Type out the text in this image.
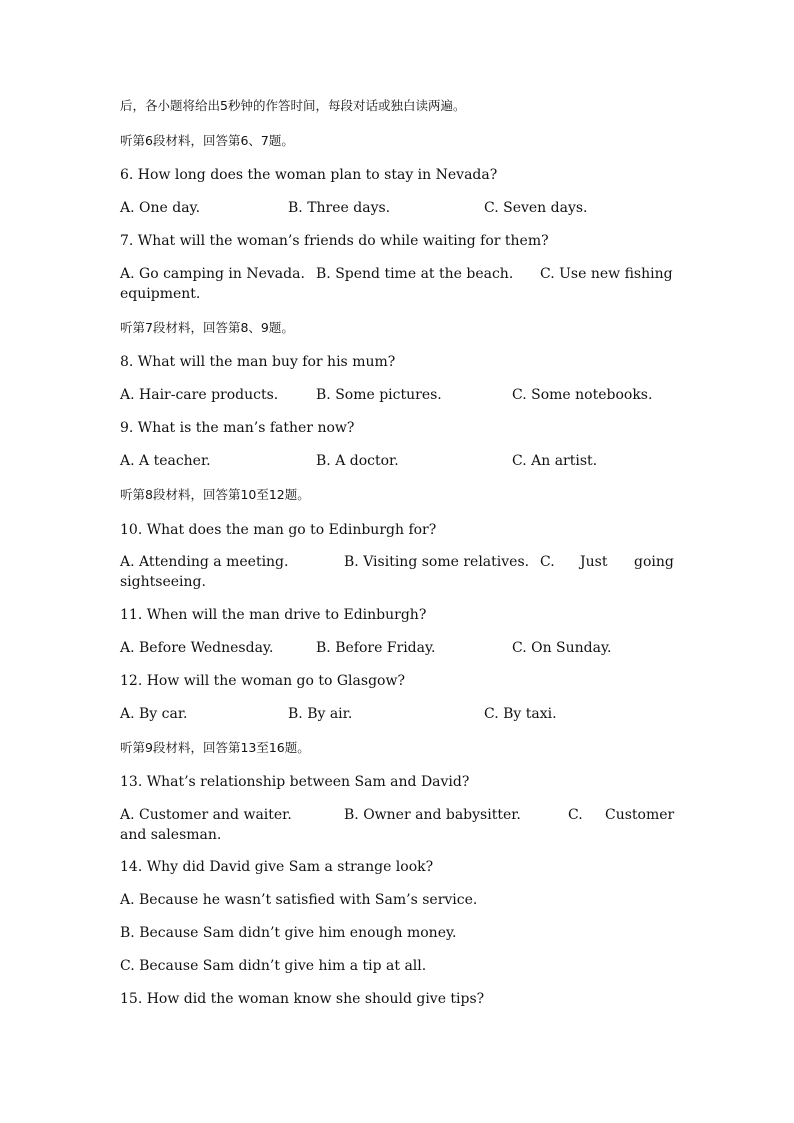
后，各小题将给出5秒钟的作答时间，每段对话或独白读两遍。
听第6段材料，回答第6、7题。
6. How long does the woman plan to stay in Nevada?
A. One day.	B. Three days.	C. Seven days.
7. What will the woman’s friends do while waiting for them?
A. Go camping in Nevada. B. Spend time at the beach. C. Use new fishing
equipment.
听第7段材料，回答第8、9题。
8. What will the man buy for his mum?
A. Hair-care products.	B. Some pictures.	C. Some notebooks.
9. What is the man’s father now?
A. A teacher.	B. A doctor.	C. An artist.
听第8段材料，回答第10至12题。
10. What does the man go to Edinburgh for?
A. Attending a meeting.	B. Visiting some relatives. C. Just going
sightseeing.
11. When will the man drive to Edinburgh?
A. Before Wednesday.	B. Before Friday.	C. On Sunday.
12. How will the woman go to Glasgow?
A. By car.	B. By air.	C. By taxi.
听第9段材料，回答第13至16题。
13. What’s relationship between Sam and David?
A. Customer and waiter.	B. Owner and babysitter.	C. Customer
and salesman.
14. Why did David give Sam a strange look?
A. Because he wasn’t satisfied with Sam’s service.
B. Because Sam didn’t give him enough money.
C. Because Sam didn’t give him a tip at all.
15. How did the woman know she should give tips?
